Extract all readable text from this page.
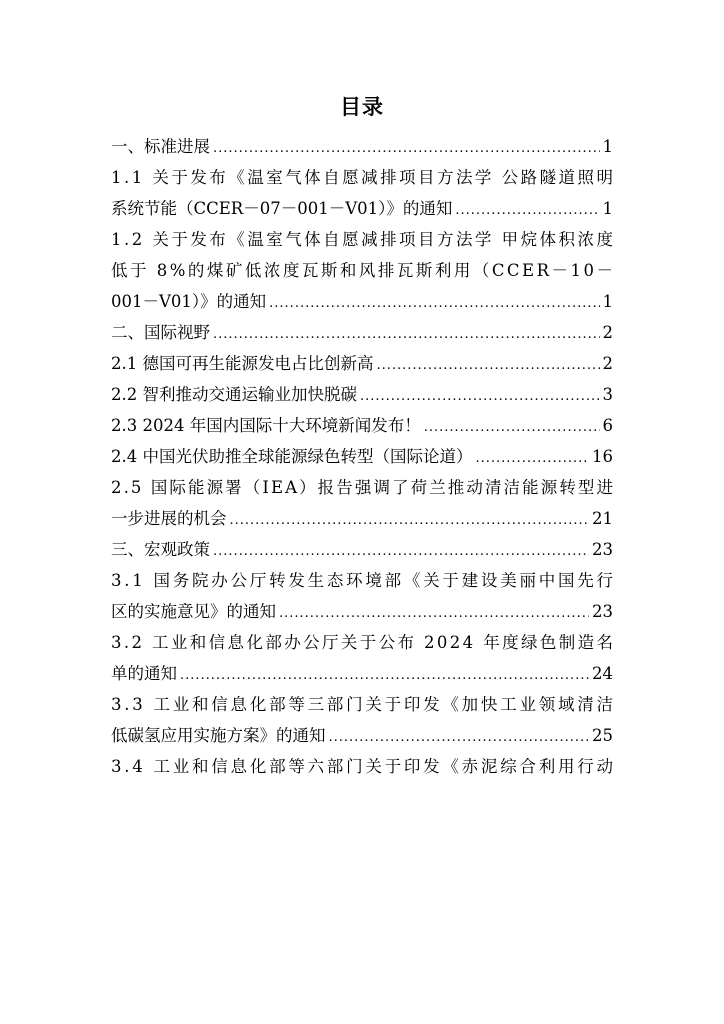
目录
一、 标准进展 .....	1
1.1 关于发布《温室气体自愿减排项目方法学 公路隧道照明
系统节能（CCER－07－001－V01）》的通知 .....	1
1.2 关于发布《温室气体自愿减排项目方法学 甲烷体积浓度
低于 8%的煤矿低浓度瓦斯和风排瓦斯利用（CCER－10－
001－V01）》的通知 .....	1
二、 国际视野 .....	2
2.1 德国可再生能源发电占比创新高 .....	2
2.2 智利推动交通运输业加快脱碳 .....	3
2.3 2024 年国内国际十大环境新闻发布！ .....	6
2.4 中国光伏助推全球能源绿色转型（国际论道） .....	16
2.5 国际能源署（IEA）报告强调了荷兰推动清洁能源转型进
一步进展的机会 .....	21
三、 宏观政策 .....	23
3.1 国务院办公厅转发生态环境部《关于建设美丽中国先行
区的实施意见》的通知 .....	23
3.2 工业和信息化部办公厅关于公布 2024 年度绿色制造名
单的通知 .....	24
3.3 工业和信息化部等三部门关于印发《加快工业领域清洁
低碳氢应用实施方案》的通知 .....	25
3.4 工业和信息化部等六部门关于印发《赤泥综合利用行动
